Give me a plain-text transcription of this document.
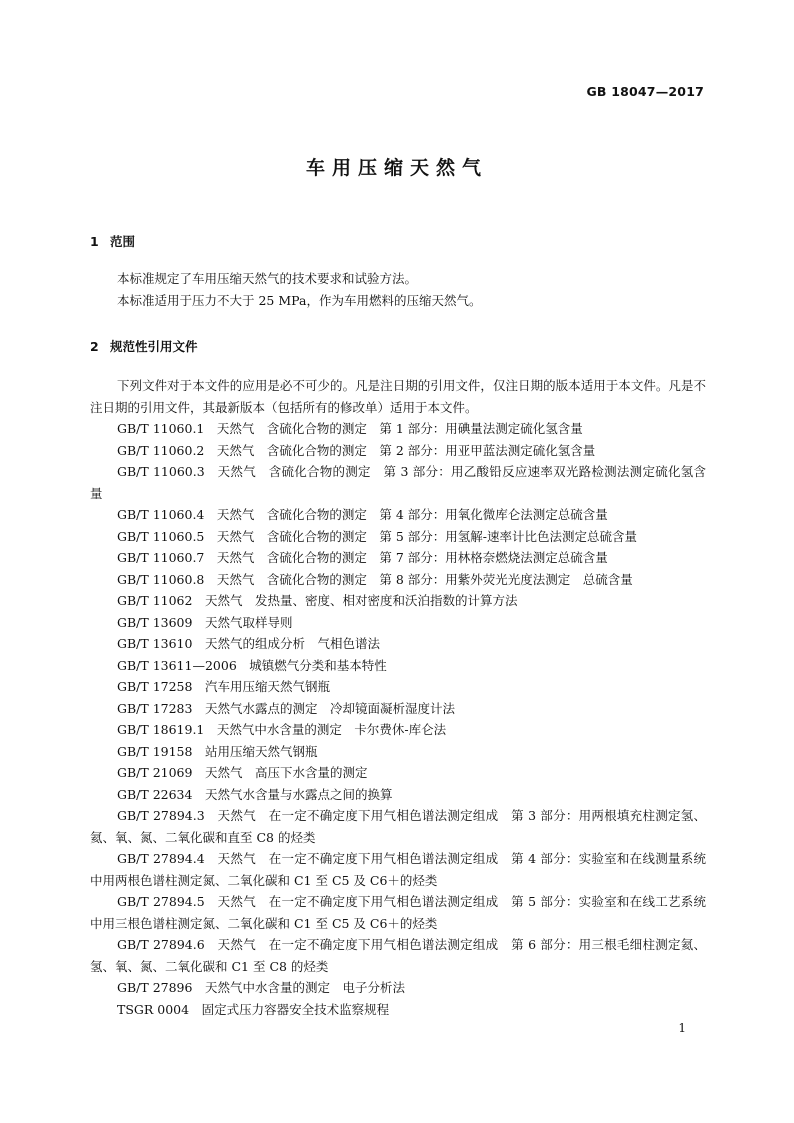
GB 18047—2017
车用压缩天然气
1 范围

本标准规定了车用压缩天然气的技术要求和试验方法。

本标准适用于压力不大于 25 MPa，作为车用燃料的压缩天然气。

2 规范性引用文件

下列文件对于本文件的应用是必不可少的。凡是注日期的引用文件，仅注日期的版本适用于本文件。凡是不注日期的引用文件，其最新版本（包括所有的修改单）适用于本文件。

GB/T 11060.1　天然气　含硫化合物的测定　第 1 部分：用碘量法测定硫化氢含量

GB/T 11060.2　天然气　含硫化合物的测定　第 2 部分：用亚甲蓝法测定硫化氢含量

GB/T 11060.3　天然气　含硫化合物的测定　第 3 部分：用乙酸铅反应速率双光路检测法测定硫化氢含量

GB/T 11060.4　天然气　含硫化合物的测定　第 4 部分：用氧化微库仑法测定总硫含量

GB/T 11060.5　天然气　含硫化合物的测定　第 5 部分：用氢解-速率计比色法测定总硫含量

GB/T 11060.7　天然气　含硫化合物的测定　第 7 部分：用林格奈燃烧法测定总硫含量

GB/T 11060.8　天然气　含硫化合物的测定　第 8 部分：用紫外荧光光度法测定　总硫含量

GB/T 11062　天然气　发热量、密度、相对密度和沃泊指数的计算方法

GB/T 13609　天然气取样导则

GB/T 13610　天然气的组成分析　气相色谱法

GB/T 13611—2006　城镇燃气分类和基本特性

GB/T 17258　汽车用压缩天然气钢瓶

GB/T 17283　天然气水露点的测定　冷却镜面凝析湿度计法

GB/T 18619.1　天然气中水含量的测定　卡尔费休-库仑法

GB/T 19158　站用压缩天然气钢瓶

GB/T 21069　天然气　高压下水含量的测定

GB/T 22634　天然气水含量与水露点之间的换算

GB/T 27894.3　天然气　在一定不确定度下用气相色谱法测定组成　第 3 部分：用两根填充柱测定氢、氦、氧、氮、二氧化碳和直至 C8 的烃类

GB/T 27894.4　天然气　在一定不确定度下用气相色谱法测定组成　第 4 部分：实验室和在线测量系统中用两根色谱柱测定氮、二氧化碳和 C1 至 C5 及 C6＋的烃类

GB/T 27894.5　天然气　在一定不确定度下用气相色谱法测定组成　第 5 部分：实验室和在线工艺系统中用三根色谱柱测定氮、二氧化碳和 C1 至 C5 及 C6＋的烃类

GB/T 27894.6　天然气　在一定不确定度下用气相色谱法测定组成　第 6 部分：用三根毛细柱测定氦、氢、氧、氮、二氧化碳和 C1 至 C8 的烃类

GB/T 27896　天然气中水含量的测定　电子分析法

TSGR 0004　固定式压力容器安全技术监察规程

1
